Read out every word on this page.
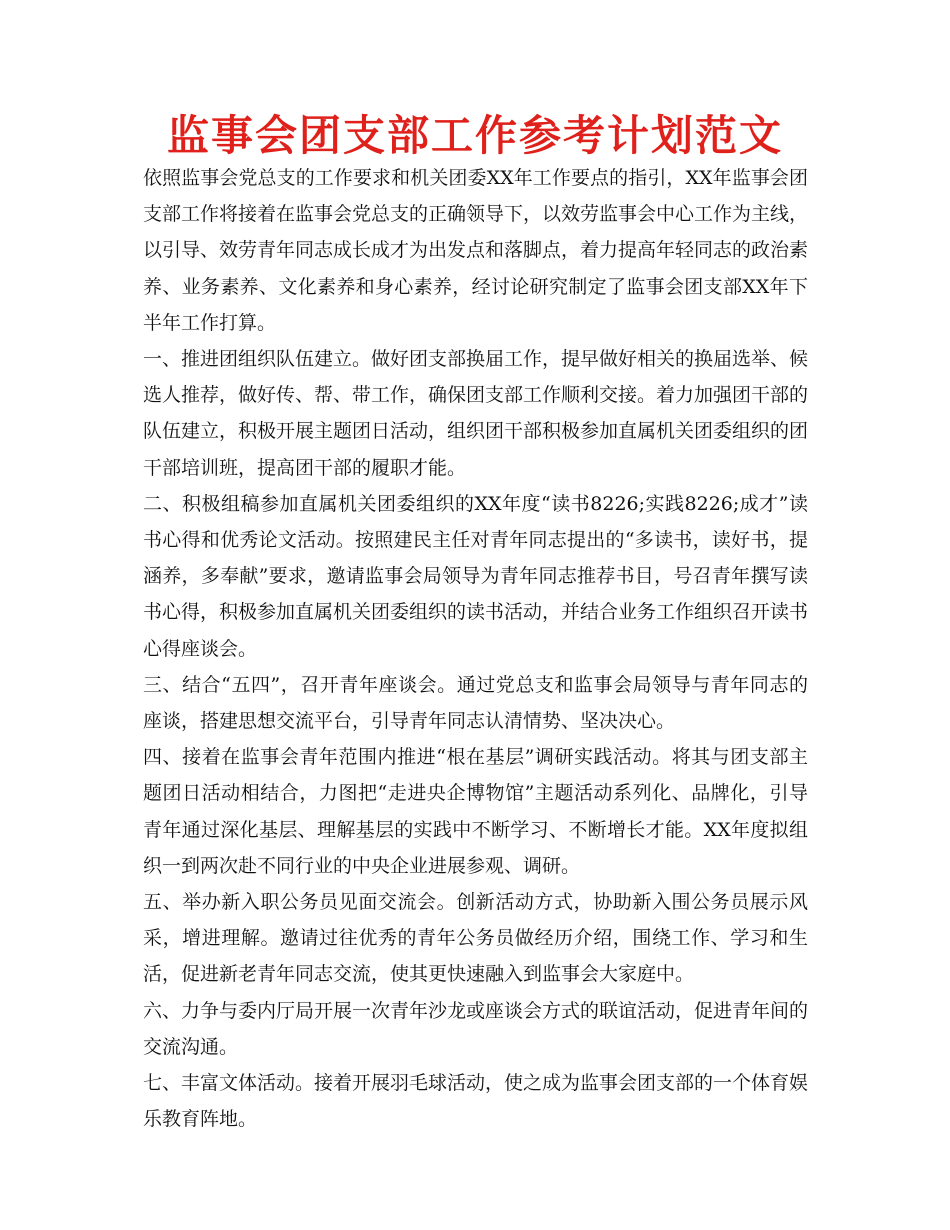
监事会团支部工作参考计划范文

依照监事会党总支的工作要求和机关团委XX年工作要点的指引，XX年监事会团支部工作将接着在监事会党总支的正确领导下，以效劳监事会中心工作为主线，以引导、效劳青年同志成长成才为出发点和落脚点，着力提高年轻同志的政治素养、业务素养、文化素养和身心素养，经讨论研究制定了监事会团支部XX年下半年工作打算。

一、推进团组织队伍建立。做好团支部换届工作，提早做好相关的换届选举、候选人推荐，做好传、帮、带工作，确保团支部工作顺利交接。着力加强团干部的队伍建立，积极开展主题团日活动，组织团干部积极参加直属机关团委组织的团干部培训班，提高团干部的履职才能。

二、积极组稿参加直属机关团委组织的XX年度“读书8226;实践8226;成才”读书心得和优秀论文活动。按照建民主任对青年同志提出的“多读书，读好书，提涵养，多奉献”要求，邀请监事会局领导为青年同志推荐书目，号召青年撰写读书心得，积极参加直属机关团委组织的读书活动，并结合业务工作组织召开读书心得座谈会。

三、结合“五四”，召开青年座谈会。通过党总支和监事会局领导与青年同志的座谈，搭建思想交流平台，引导青年同志认清情势、坚决决心。

四、接着在监事会青年范围内推进“根在基层”调研实践活动。将其与团支部主题团日活动相结合，力图把“走进央企博物馆”主题活动系列化、品牌化，引导青年通过深化基层、理解基层的实践中不断学习、不断增长才能。XX年度拟组织一到两次赴不同行业的中央企业进展参观、调研。

五、举办新入职公务员见面交流会。创新活动方式，协助新入围公务员展示风采，增进理解。邀请过往优秀的青年公务员做经历介绍，围绕工作、学习和生活，促进新老青年同志交流，使其更快速融入到监事会大家庭中。

六、力争与委内厅局开展一次青年沙龙或座谈会方式的联谊活动，促进青年间的交流沟通。

七、丰富文体活动。接着开展羽毛球活动，使之成为监事会团支部的一个体育娱乐教育阵地。
